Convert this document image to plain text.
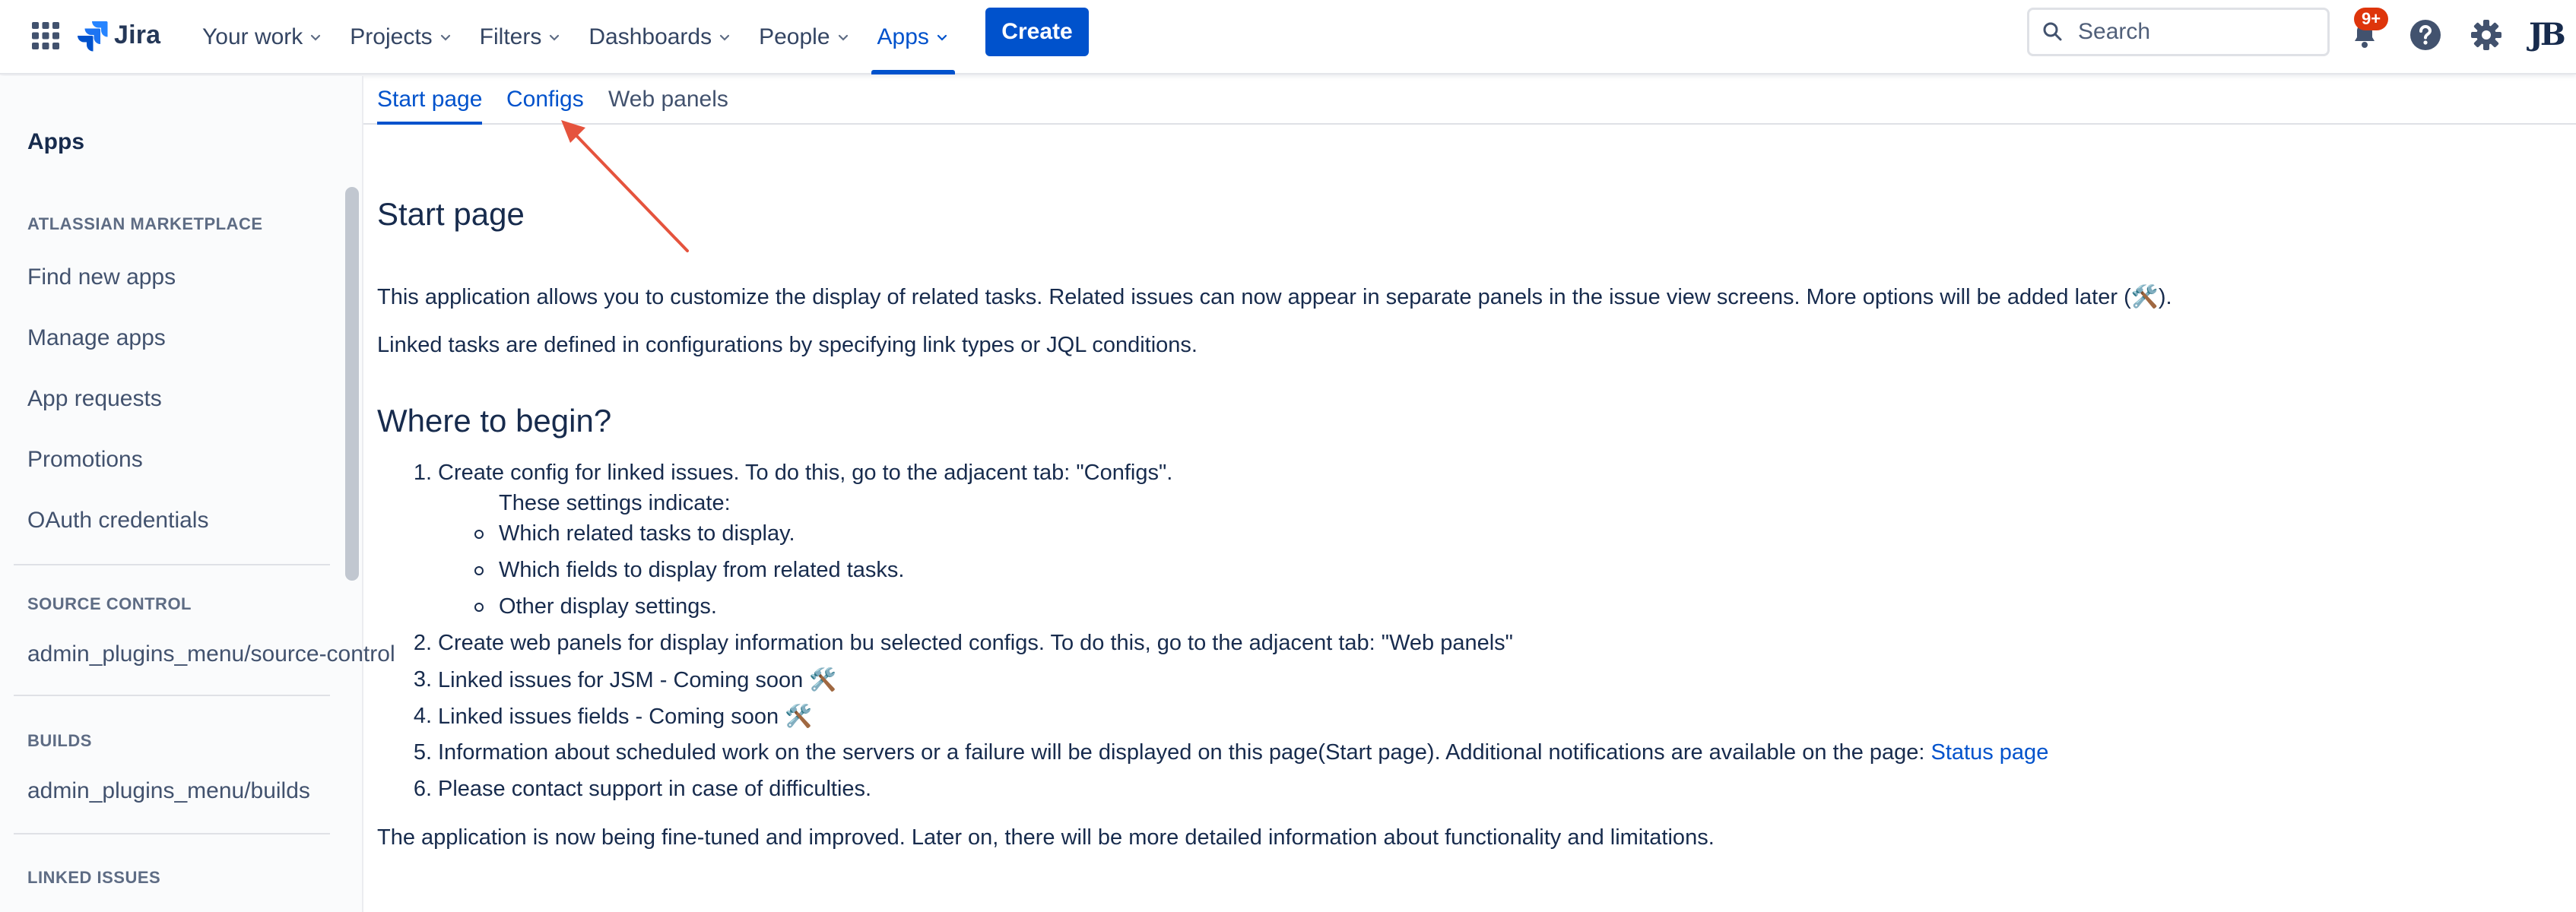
Jira Your work Projects Filters Dashboards People Apps	Create
Search
9+	JB
Apps
ATLASSIAN MARKETPLACE
Find new apps
Manage apps
App requests
Promotions
OAuth credentials
SOURCE CONTROL
admin_plugins_menu/source-control
BUILDS
admin_plugins_menu/builds
LINKED ISSUES
Start page Configs Web panels
Start page

This application allows you to customize the display of related tasks. Related issues can now appear in separate panels in the issue view screens. More options will be added later (🛠️).

Linked tasks are defined in configurations by specifying link types or JQL conditions.

Where to begin?
1. Create config for linked issues. To do this, go to the adjacent tab: "Configs".
These settings indicate:
Which related tasks to display.
Which fields to display from related tasks.
Other display settings.
2. Create web panels for display information bu selected configs. To do this, go to the adjacent tab: "Web panels"
3. Linked issues for JSM - Coming soon 🛠️
4. Linked issues fields - Coming soon 🛠️
5. Information about scheduled work on the servers or a failure will be displayed on this page(Start page). Additional notifications are available on the page: Status page
6. Please contact support in case of difficulties.

The application is now being fine-tuned and improved. Later on, there will be more detailed information about functionality and limitations.
